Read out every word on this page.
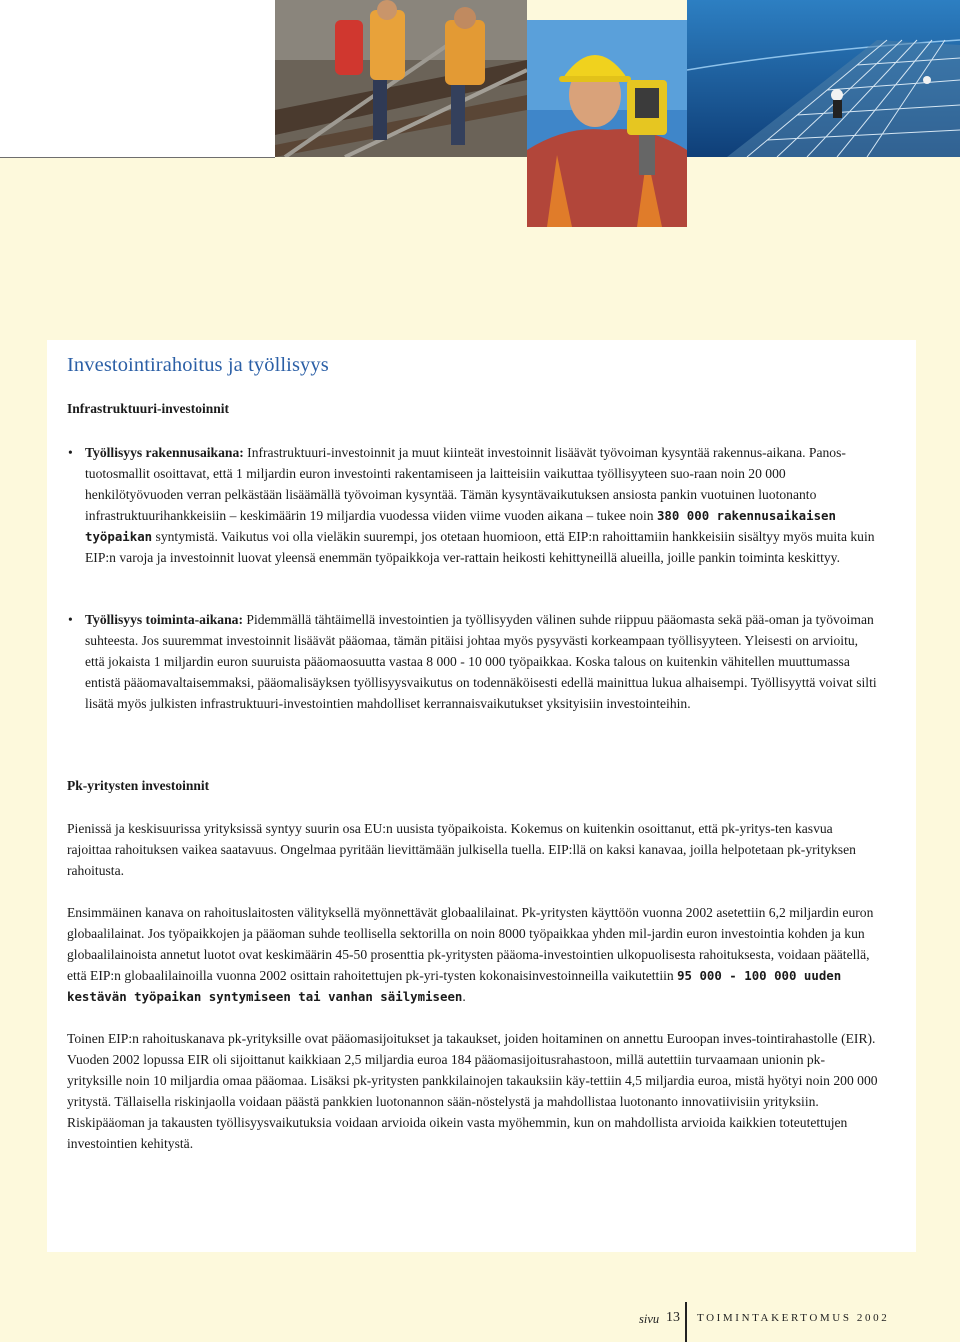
Investointirahoitus ja työllisyys
Infrastruktuuri-investoinnit

• Työllisyys rakennusaikana: Infrastruktuuri-investoinnit ja muut kiinteät investoinnit lisäävät työvoiman kysyntää rakennus-aikana. Panos-tuotosmallit osoittavat, että 1 miljardin euron investointi rakentamiseen ja laitteisiin vaikuttaa työllisyyteen suo-raan noin 20 000 henkilötyövuoden verran pelkästään lisäämällä työvoiman kysyntää. Tämän kysyntävaikutuksen ansiosta pankin vuotuinen luotonanto infrastruktuurihankkeisiin – keskimäärin 19 miljardia vuodessa viiden viime vuoden aikana – tukee noin 380 000 rakennusaikaisen työpaikan syntymistä. Vaikutus voi olla vieläkin suurempi, jos otetaan huomioon, että EIP:n rahoittamiin hankkeisiin sisältyy myös muita kuin EIP:n varoja ja investoinnit luovat yleensä enemmän työpaikkoja ver-rattain heikosti kehittyneillä alueilla, joille pankin toiminta keskittyy.

• Työllisyys toiminta-aikana: Pidemmällä tähtäimellä investointien ja työllisyyden välinen suhde riippuu pääomasta sekä pää-oman ja työvoiman suhteesta. Jos suuremmat investoinnit lisäävät pääomaa, tämän pitäisi johtaa myös pysyvästi korkeampaan työllisyyteen. Yleisesti on arvioitu, että jokaista 1 miljardin euron suuruista pääomaosuutta vastaa 8 000 - 10 000 työpaikkaa. Koska talous on kuitenkin vähitellen muuttumassa entistä pääomavaltaisemmaksi, pääomalisäyksen työllisyysvaikutus on todennäköisesti edellä mainittua lukua alhaisempi. Työllisyyttä voivat silti lisätä myös julkisten infrastruktuuri-investointien mahdolliset kerrannaisvaikutukset yksityisiin investointeihin.

Pk-yritysten investoinnit

Pienissä ja keskisuurissa yrityksissä syntyy suurin osa EU:n uusista työpaikoista. Kokemus on kuitenkin osoittanut, että pk-yritys-ten kasvua rajoittaa rahoituksen vaikea saatavuus. Ongelmaa pyritään lievittämään julkisella tuella. EIP:llä on kaksi kanavaa, joilla helpotetaan pk-yrityksen rahoitusta.

Ensimmäinen kanava on rahoituslaitosten välityksellä myönnettävät globaalilainat. Pk-yritysten käyttöön vuonna 2002 asetettiin 6,2 miljardin euron globaalilainat. Jos työpaikkojen ja pääoman suhde teollisella sektorilla on noin 8000 työpaikkaa yhden mil-jardin euron investointia kohden ja kun globaalilainoista annetut luotot ovat keskimäärin 45-50 prosenttia pk-yritysten pääoma-investointien ulkopuolisesta rahoituksesta, voidaan päätellä, että EIP:n globaalilainoilla vuonna 2002 osittain rahoitettujen pk-yri-tysten kokonaisinvestoinneilla vaikutettiin 95 000 - 100 000 uuden kestävän työpaikan syntymiseen tai vanhan säilymiseen.

Toinen EIP:n rahoituskanava pk-yrityksille ovat pääomasijoitukset ja takaukset, joiden hoitaminen on annettu Euroopan inves-tointirahastolle (EIR). Vuoden 2002 lopussa EIR oli sijoittanut kaikkiaan 2,5 miljardia euroa 184 pääomasijoitusrahastoon, millä autettiin turvaamaan unionin pk-yrityksille noin 10 miljardia omaa pääomaa. Lisäksi pk-yritysten pankkilainojen takauksiin käy-tettiin 4,5 miljardia euroa, mistä hyötyi noin 200 000 yritystä. Tällaisella riskinjaolla voidaan päästä pankkien luotonannon sään-nöstelystä ja mahdollistaa luotonanto innovatiivisiin yrityksiin. Riskipääoman ja takausten työllisyysvaikutuksia voidaan arvioida oikein vasta myöhemmin, kun on mahdollista arvioida kaikkien toteutettujen investointien kehitystä.

sivu 13 TOIMINTAKERTOMUS 2002
